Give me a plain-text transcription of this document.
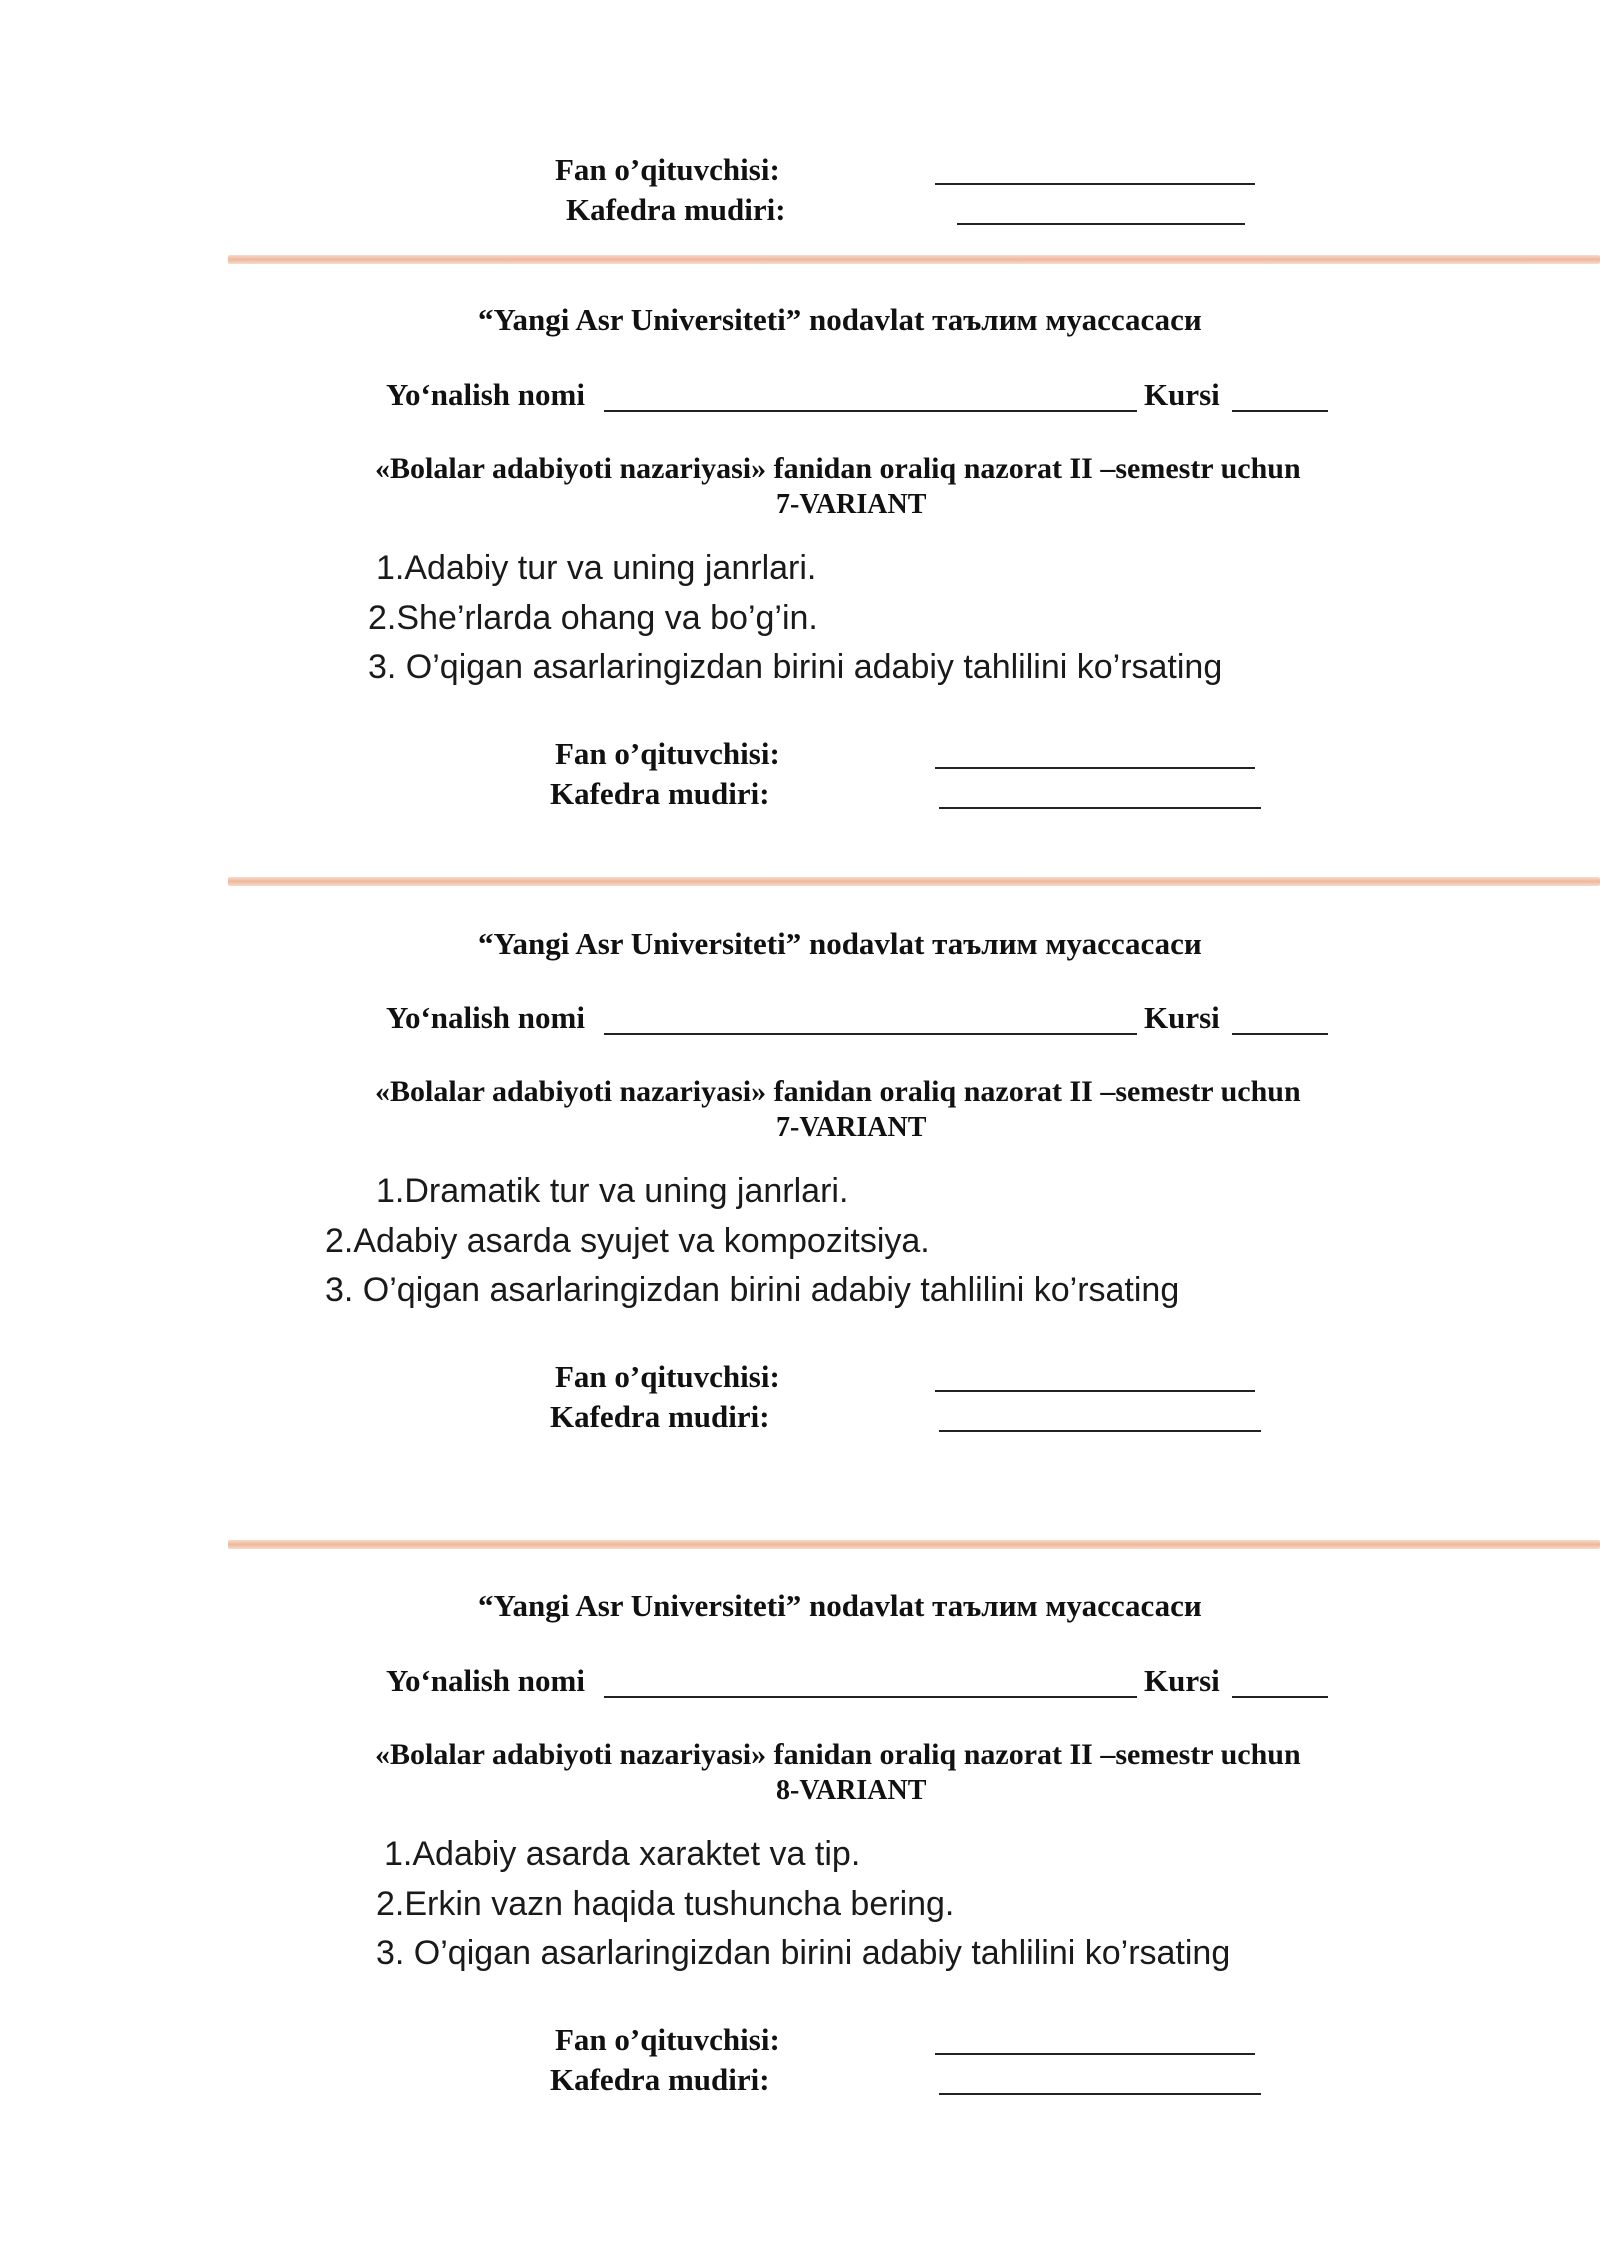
Fan o’qituvchisi:
Kafedra mudiri:
“Yangi Asr Universiteti” nodavlat таълим муассасаси
Yo‘nalish nomi	Kursi
«Bolalar adabiyoti nazariyasi» fanidan oraliq nazorat II –semestr uchun
7-VARIANT
1.Adabiy tur va uning janrlari.
2.She’rlarda ohang va bo’g’in.
3. O’qigan asarlaringizdan birini adabiy tahlilini ko’rsating
Fan o’qituvchisi:
Kafedra mudiri:
“Yangi Asr Universiteti” nodavlat таълим муассасаси
Yo‘nalish nomi	Kursi
«Bolalar adabiyoti nazariyasi» fanidan oraliq nazorat II –semestr uchun
7-VARIANT
1.Dramatik tur va uning janrlari.
2.Adabiy asarda syujet va kompozitsiya.
3. O’qigan asarlaringizdan birini adabiy tahlilini ko’rsating
Fan o’qituvchisi:
Kafedra mudiri:
“Yangi Asr Universiteti” nodavlat таълим муассасаси
Yo‘nalish nomi	Kursi
«Bolalar adabiyoti nazariyasi» fanidan oraliq nazorat II –semestr uchun
8-VARIANT
1.Adabiy asarda xaraktet va tip.
2.Erkin vazn haqida tushuncha bering.
3. O’qigan asarlaringizdan birini adabiy tahlilini ko’rsating
Fan o’qituvchisi:
Kafedra mudiri:
